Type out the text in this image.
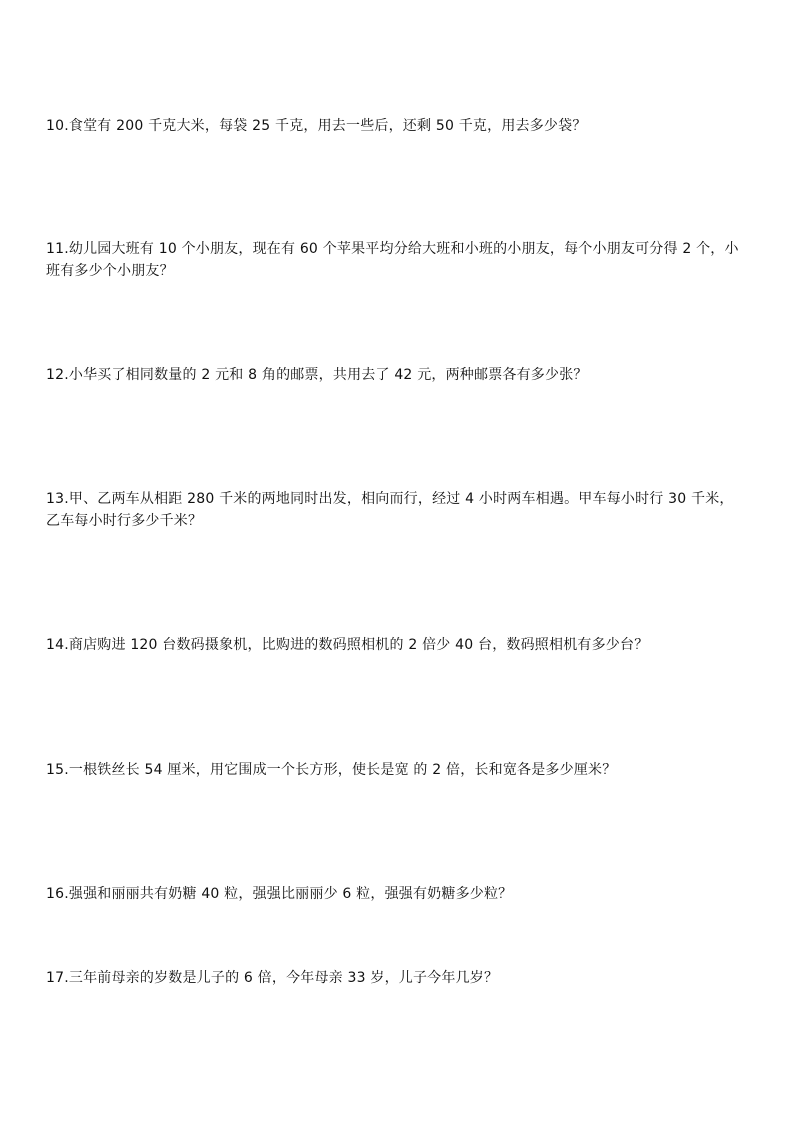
10.食堂有 200 千克大米，每袋 25 千克，用去一些后，还剩 50 千克，用去多少袋？
11.幼儿园大班有 10 个小朋友，现在有 60 个苹果平均分给大班和小班的小朋友，每个小朋友可分得 2 个，小班有多少个小朋友？
12.小华买了相同数量的 2 元和 8 角的邮票，共用去了 42 元，两种邮票各有多少张？
13.甲、乙两车从相距 280 千米的两地同时出发，相向而行，经过 4 小时两车相遇。甲车每小时行 30 千米，乙车每小时行多少千米？
14.商店购进 120 台数码摄象机，比购进的数码照相机的 2 倍少 40 台，数码照相机有多少台？
15.一根铁丝长 54 厘米，用它围成一个长方形，使长是宽 的 2 倍，长和宽各是多少厘米？
16.强强和丽丽共有奶糖 40 粒，强强比丽丽少 6 粒，强强有奶糖多少粒？
17.三年前母亲的岁数是儿子的 6 倍，今年母亲 33 岁，儿子今年几岁？
